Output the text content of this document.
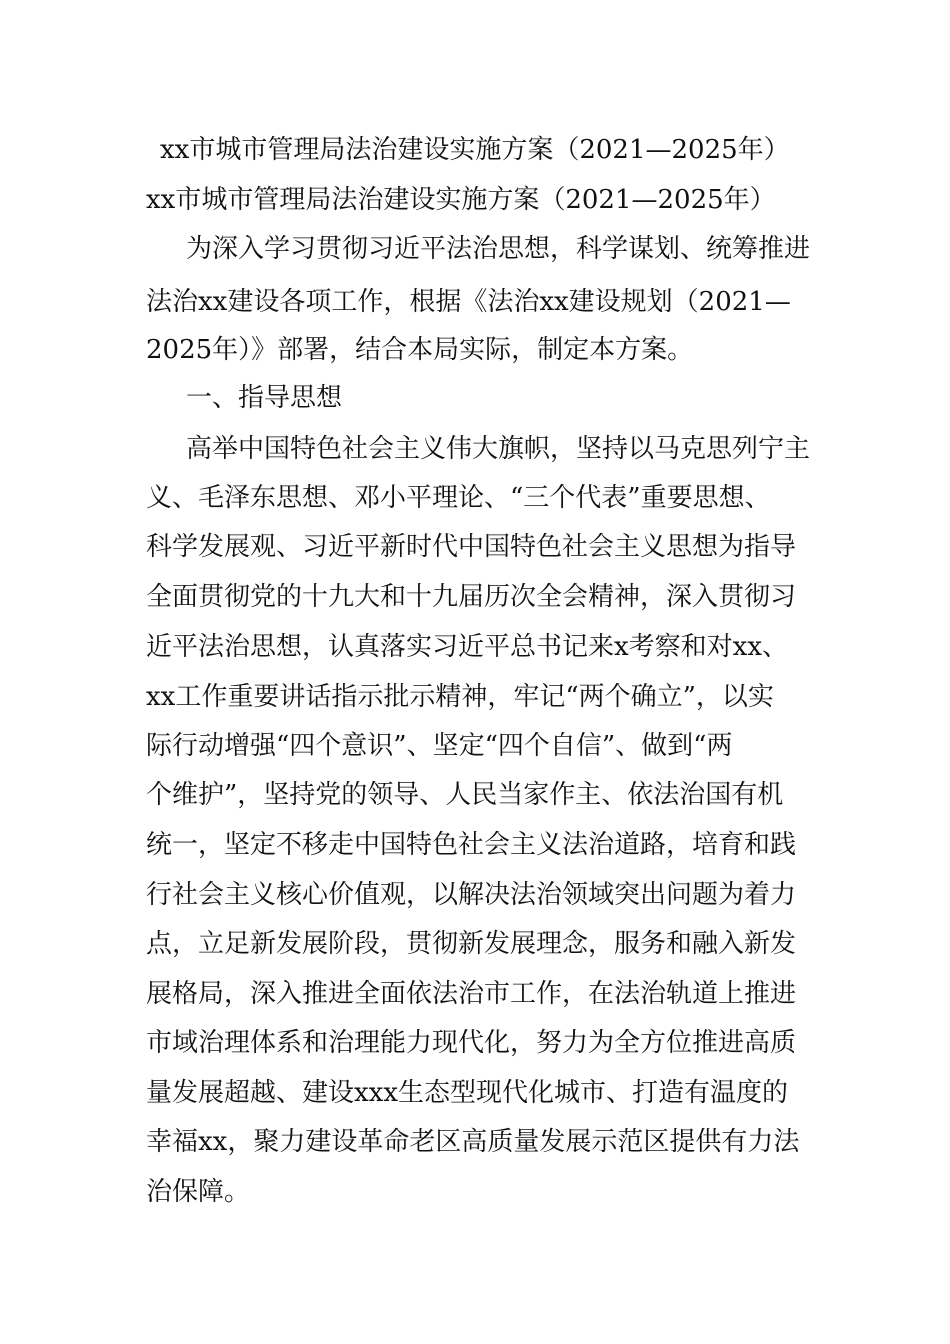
xx市城市管理局法治建设实施方案（2021—2025年）
xx市城市管理局法治建设实施方案（2021—2025年）
为深入学习贯彻习近平法治思想，科学谋划、统筹推进
法治xx建设各项工作，根据《法治xx建设规划（2021—
2025年）》部署，结合本局实际，制定本方案。
一、指导思想
高举中国特色社会主义伟大旗帜，坚持以马克思列宁主
义、毛泽东思想、邓小平理论、“三个代表”重要思想、
科学发展观、习近平新时代中国特色社会主义思想为指导
全面贯彻党的十九大和十九届历次全会精神，深入贯彻习
近平法治思想，认真落实习近平总书记来x考察和对xx、
xx工作重要讲话指示批示精神，牢记“两个确立”，以实
际行动增强“四个意识”、坚定“四个自信”、做到“两
个维护”，坚持党的领导、人民当家作主、依法治国有机
统一，坚定不移走中国特色社会主义法治道路，培育和践
行社会主义核心价值观，以解决法治领域突出问题为着力
点，立足新发展阶段，贯彻新发展理念，服务和融入新发
展格局，深入推进全面依法治市工作，在法治轨道上推进
市域治理体系和治理能力现代化，努力为全方位推进高质
量发展超越、建设xxx生态型现代化城市、打造有温度的
幸福xx，聚力建设革命老区高质量发展示范区提供有力法
治保障。
